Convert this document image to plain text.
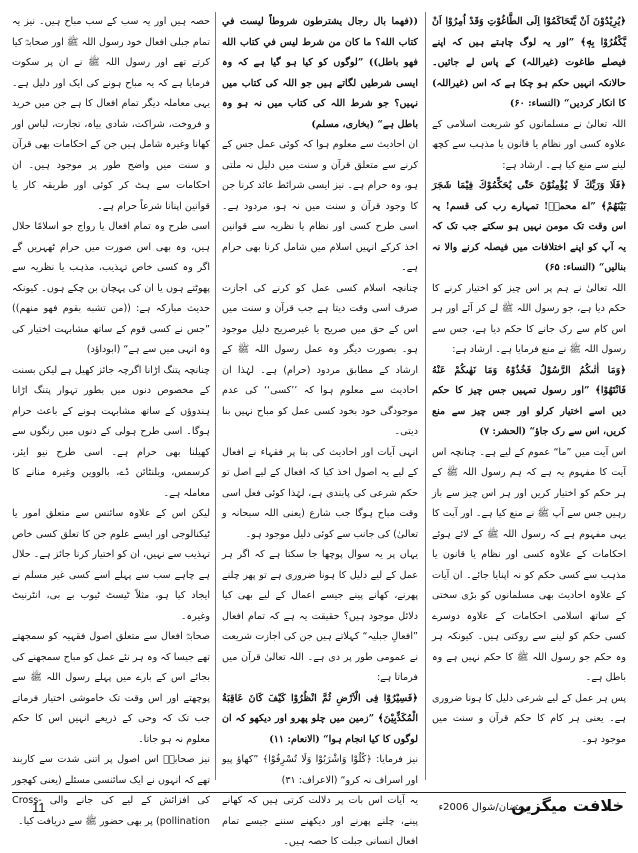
﴿يُرِيْدُوْنَ اَنْ يَّتَحَاكَمُوْا اِلَى الطَّاغُوْتِ وَقَدْ اُمِرُوْا اَنْ يَّكْفُرُوْا بِهٖ﴾ ”اور یہ لوگ چاہتے ہیں کہ اپنے فیصلے طاغوت (غیراللہ) کے پاس لے جائیں۔ حالانکہ انہیں حکم ہو چکا ہے کہ اس (غیراللہ) کا انکار کردیں“ (النساء: ۶۰)

اللہ تعالیٰ نے مسلمانوں کو شریعت اسلامی کے علاوہ کسی اور نظام یا قانون یا مذہب سے کچھ لینے سے منع کیا ہے۔ ارشاد ہے:

﴿فَلَا وَرَبِّكَ لَا يُؤْمِنُوْنَ حَتّٰى يُحَكِّمُوْكَ فِيْمَا شَجَرَ بَيْنَهُمْ﴾ ”اے محمدؐ! تمہارے رب کی قسم! یہ اس وقت تک مومن نہیں ہو سکتے جب تک کہ یہ آپ کو اپنے اختلافات میں فیصلہ کرنے والا نہ بنالیں“ (النساء: ۶۵)

اللہ تعالیٰ نے ہم پر اس چیز کو اختیار کرنے کا حکم دیا ہے، جو رسول اللہ ﷺ لے کر آئے اور ہر اس کام سے رک جانے کا حکم دیا ہے، جس سے رسول اللہ ﷺ نے منع فرمایا ہے۔ ارشاد ہے:

﴿وَمَا اٰتٰىكُمُ الرَّسُوْلُ فَخُذُوْهُ وَمَا نَهٰىكُمْ عَنْهُ فَانْتَهُوْا﴾ ”اور رسول تمہیں جس چیز کا حکم دیں اسے اختیار کرلو اور جس چیز سے منع کریں، اس سے رک جاؤ“ (الحشر: ۷)

اس آیت میں ”ما“ عموم کے لیے ہے۔ چنانچہ اس آیت کا مفہوم یہ ہے کہ ہم رسول اللہ ﷺ کے ہر حکم کو اختیار کریں اور ہر اس چیز سے باز رہیں جس سے آپ ﷺ نے منع کیا ہے۔ اور آیت کا یہی مفہوم ہے کہ رسول اللہ ﷺ کے لائے ہوئے احکامات کے علاوہ کسی اور نظام یا قانون یا مذہب سے کسی حکم کو نہ اپنایا جائے۔ ان آیات کے علاوہ احادیث بھی مسلمانوں کو بڑی سختی کے ساتھ اسلامی احکامات کے علاوہ دوسرے کسی حکم کو لینے سے روکتی ہیں۔ کیونکہ ہر وہ حکم جو رسول اللہ ﷺ کا حکم نہیں ہے وہ باطل ہے۔

پس ہر عمل کے لیے شرعی دلیل کا ہونا ضروری ہے۔ یعنی ہر کام کا حکم قرآن و سنت میں موجود ہو۔

((فهما بال رجال يشترطون شروطاً ليست في كتاب الله؟ ما كان من شرط ليس في كتاب الله فهو باطل)) ”لوگوں کو کیا ہو گیا ہے کہ وہ ایسی شرطیں لگاتے ہیں جو اللہ کی کتاب میں نہیں؟ جو شرط اللہ کی کتاب میں نہ ہو وہ باطل ہے“ (بخاری، مسلم)

ان احادیث سے معلوم ہوا کہ کوئی عمل جس کے کرنے سے متعلق قرآن و سنت میں دلیل نہ ملتی ہو، وہ حرام ہے۔ نیز ایسی شرائط عائد کرنا جن کا وجود قرآن و سنت میں نہ ہو، مردود ہے۔ اسی طرح کسی اور نظام یا نظریہ سے قوانین اخذ کرکے انہیں اسلام میں شامل کرنا بھی حرام ہے۔

چنانچہ اسلام کسی عمل کو کرنے کی اجازت صرف اسی وقت دیتا ہے جب قرآن و سنت میں اس کے حق میں صریح یا غیرصریح دلیل موجود ہو۔ بصورت دیگر وہ عمل رسول اللہ ﷺ کے ارشاد کے مطابق مردود (حرام) ہے۔ لہٰذا ان احادیث سے معلوم ہوا کہ ’’کسی‘‘ کی عدم موجودگی خود بخود کسی عمل کو مباح نہیں بنا دیتی۔

انہی آیات اور احادیث کی بنا پر فقہاء نے افعال کے لیے یہ اصول اخذ کیا کہ افعال کے لیے اصل تو حکم شرعی کی پابندی ہے، لہٰذا کوئی فعل اسی وقت مباح ہوگا جب شارع (یعنی اللہ سبحانہ و تعالیٰ) کی جانب سے کوئی دلیل موجود ہو۔

یہاں پر یہ سوال پوچھا جا سکتا ہے کہ اگر ہر عمل کے لیے دلیل کا ہونا ضروری ہے تو پھر چلنے پھرنے، کھانے پینے جیسے اعمال کے لیے بھی کیا دلائل موجود ہیں؟ حقیقت یہ ہے کہ تمام افعال ”افعالِ جبلیہ“ کہلاتے ہیں جن کی اجازت شریعت نے عمومی طور پر دی ہے۔ اللہ تعالیٰ قرآن میں فرماتا ہے:

﴿فَسِيْرُوْا فِى الْاَرْضِ ثُمَّ انْظُرُوْا كَيْفَ كَانَ عَاقِبَةُ الْمُكَذِّبِيْنَ﴾ ”زمین میں چلو پھرو اور دیکھو کہ ان لوگوں کا کیا انجام ہوا“ (الانعام: ۱۱)

نیز فرمایا: ﴿كُلُوْا وَاشْرَبُوْا وَلَا تُسْرِفُوْا﴾ ”کھاؤ پیو اور اسراف نہ کرو“ (الاعراف: ۳۱)

یہ آیات اس بات پر دلالت کرتی ہیں کہ کھانے پینے، چلنے پھرنے اور دیکھنے سننے جیسے تمام افعال انسانی جبلت کا حصہ ہیں۔

حصہ ہیں اور یہ سب کے سب مباح ہیں۔ نیز یہ تمام جبلی افعال خود رسول اللہ ﷺ اور صحابہؓ کیا کرتے تھے اور رسول اللہ ﷺ نے ان پر سکوت فرمایا ہے کہ یہ مباح ہونے کی ایک اور دلیل ہے۔ یہی معاملہ دیگر تمام افعال کا ہے جن میں خرید و فروخت، شراکت، شادی بیاہ، تجارت، لباس اور کھانا وغیرہ شامل ہیں جن کے احکامات بھی قرآن و سنت میں واضح طور پر موجود ہیں۔ ان احکامات سے ہٹ کر کوئی اور طریقہ کار یا قوانین اپنانا شرعاً حرام ہے۔

اسی طرح وہ تمام افعال یا رواج جو اسلامًا حلال ہیں، وہ بھی اس صورت میں حرام ٹھہریں گے اگر وہ کسی خاص تہذیب، مذہب یا نظریہ سے پھوٹتے ہوں یا ان کی پہچان بن چکے ہوں۔ کیونکہ حدیث مبارکہ ہے: ((من تشبه بقوم فهو منهم)) ”جس نے کسی قوم کے ساتھ مشابہت اختیار کی وہ انہی میں سے ہے“ (ابوداؤد)

چنانچہ پتنگ اڑانا اگرچہ جائز کھیل ہے لیکن بسنت کے مخصوص دنوں میں بطور تہوار پتنگ اڑانا ہندوؤں کے ساتھ مشابہت ہونے کے باعث حرام ہوگا۔ اسی طرح ہولی کے دنوں میں رنگوں سے کھیلنا بھی حرام ہے۔ اسی طرح نیو ایئر، کرسمس، ویلنٹائن ڈے، بالووین وغیرہ منانے کا معاملہ ہے۔

لیکن اس کے علاوہ سائنس سے متعلق امور یا ٹیکنالوجی اور ایسے علوم جن کا تعلق کسی خاص تہذیب سے نہیں، ان کو اختیار کرنا جائز ہے۔ حلال ہے چاہے سب سے پہلے اسے کسی غیر مسلم نے ایجاد کیا ہو، مثلاً ٹیسٹ ٹیوب بے بی، انٹرنیٹ وغیرہ۔

صحابہؓ افعال سے متعلق اصول فقہیہ کو سمجھتے تھے جیسا کہ وہ ہر نئے عمل کو مباح سمجھنے کی بجائے اس کے بارے میں پہلے رسول اللہ ﷺ سے پوچھتے اور اس وقت تک خاموشی اختیار فرماتے جب تک کہ وحی کے ذریعے انہیں اس کا حکم معلوم نہ ہو جاتا۔

نیز صحابہؓ اس اصول پر اتنی شدت سے کاربند تھے کہ انہوں نے ایک سائنسی مسئلے (یعنی کھجور کی افزائش کے لیے کی جانے والی Cross-pollination) پر بھی حضور ﷺ سے دریافت کیا۔

11	رمضان/شوال 2006ء
خلافت میگزین
